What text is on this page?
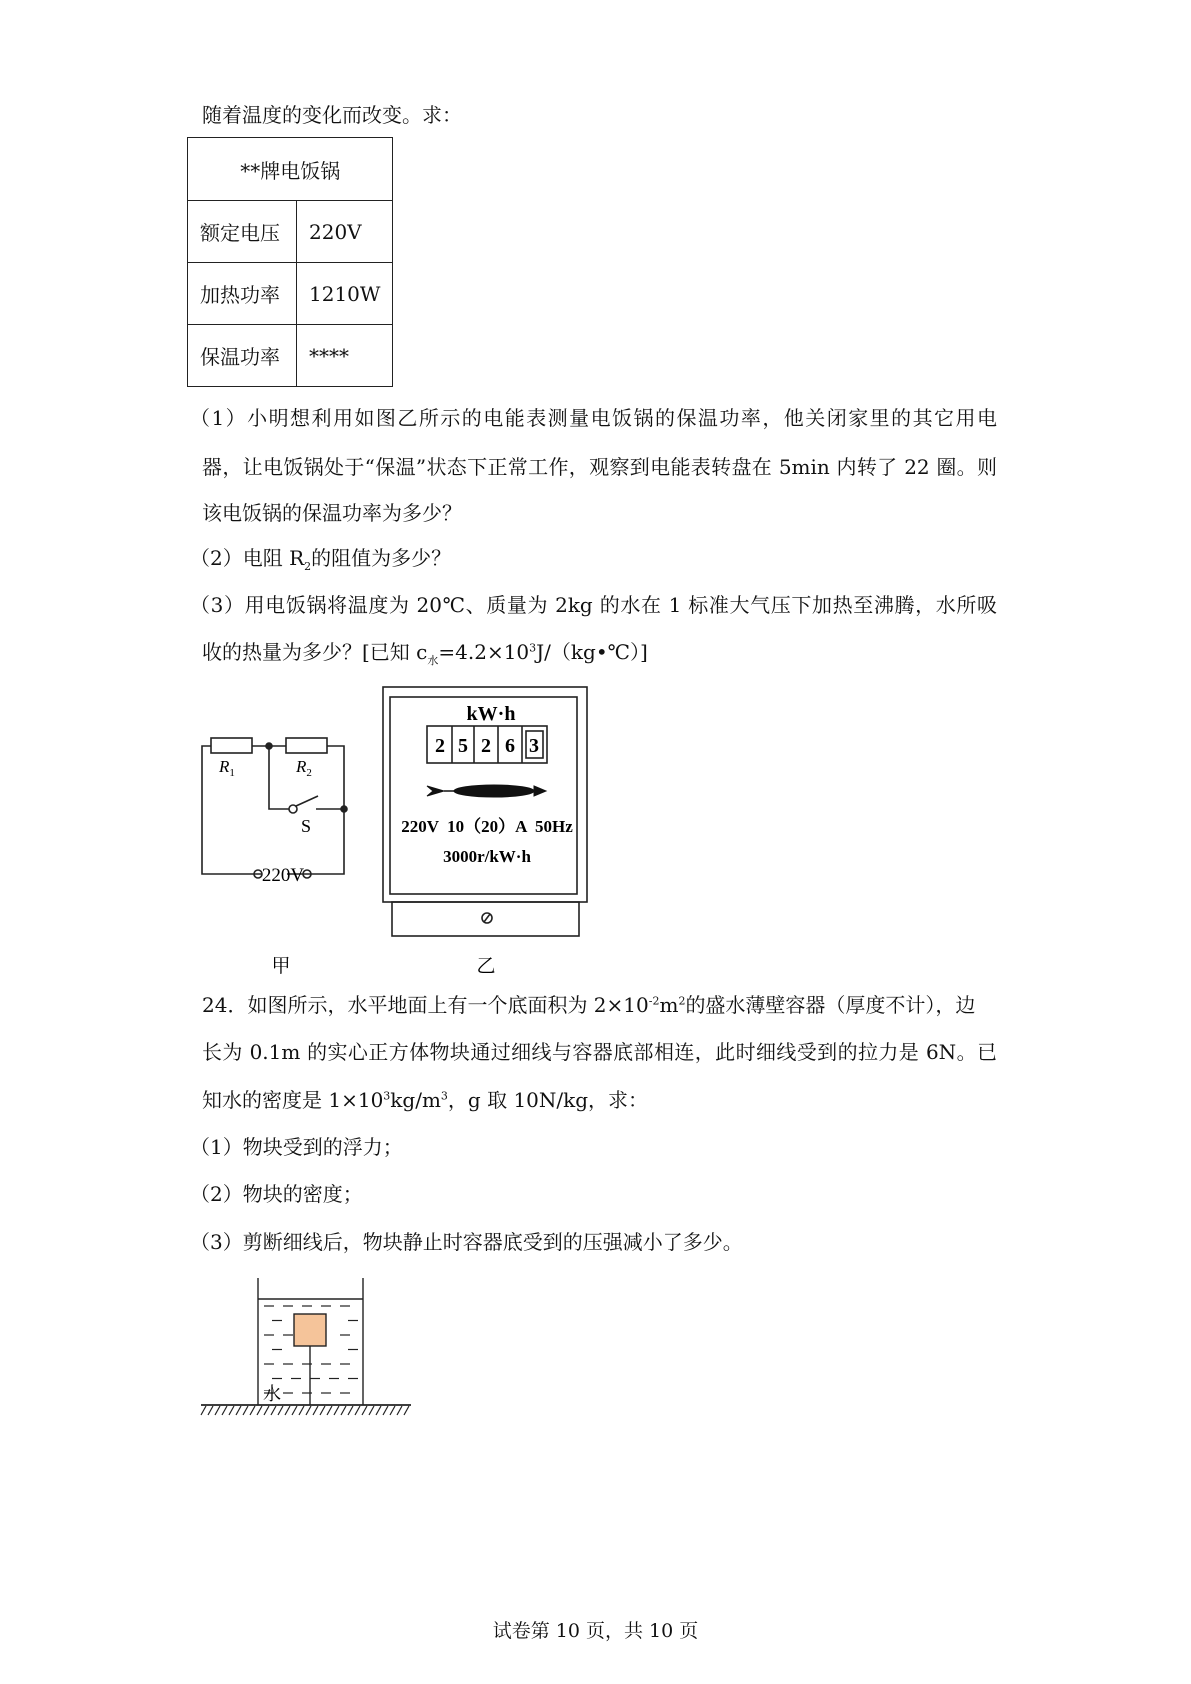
随着温度的变化而改变。求：
**牌电饭锅	
额定电压	220V
加热功率	1210W
保温功率	****
（1）小明想利用如图乙所示的电能表测量电饭锅的保温功率，他关闭家里的其它用电
器，让电饭锅处于“保温”状态下正常工作，观察到电能表转盘在 5min 内转了 22 圈。则
该电饭锅的保温功率为多少？
（2）电阻 $R_2$的阻值为多少？
（3）用电饭锅将温度为 20℃、质量为 2kg 的水在 1 标准大气压下加热至沸腾，水所吸
收的热量为多少？[已知 $c_水=4.2\times 10^3J/(kg•℃)$]
$R_1$	$R_2$
S
220V
甲
kW·h
2 5 2 6 3
220V  10（20）A  50Hz
3000r/kW·h
乙
水
24．如图所示，水平地面上有一个底面积为 $2\times 10^{-2}m^2$的盛水薄壁容器（厚度不计），边
长为 0.1m 的实心正方体物块通过细线与容器底部相连，此时细线受到的拉力是 6N。已
知水的密度是 $1\times 10^3kg/m^3$，g 取 10N/kg，求：
（1）物块受到的浮力；
（2）物块的密度；
（3）剪断细线后，物块静止时容器底受到的压强减小了多少。
试卷第 10 页，共 10 页
